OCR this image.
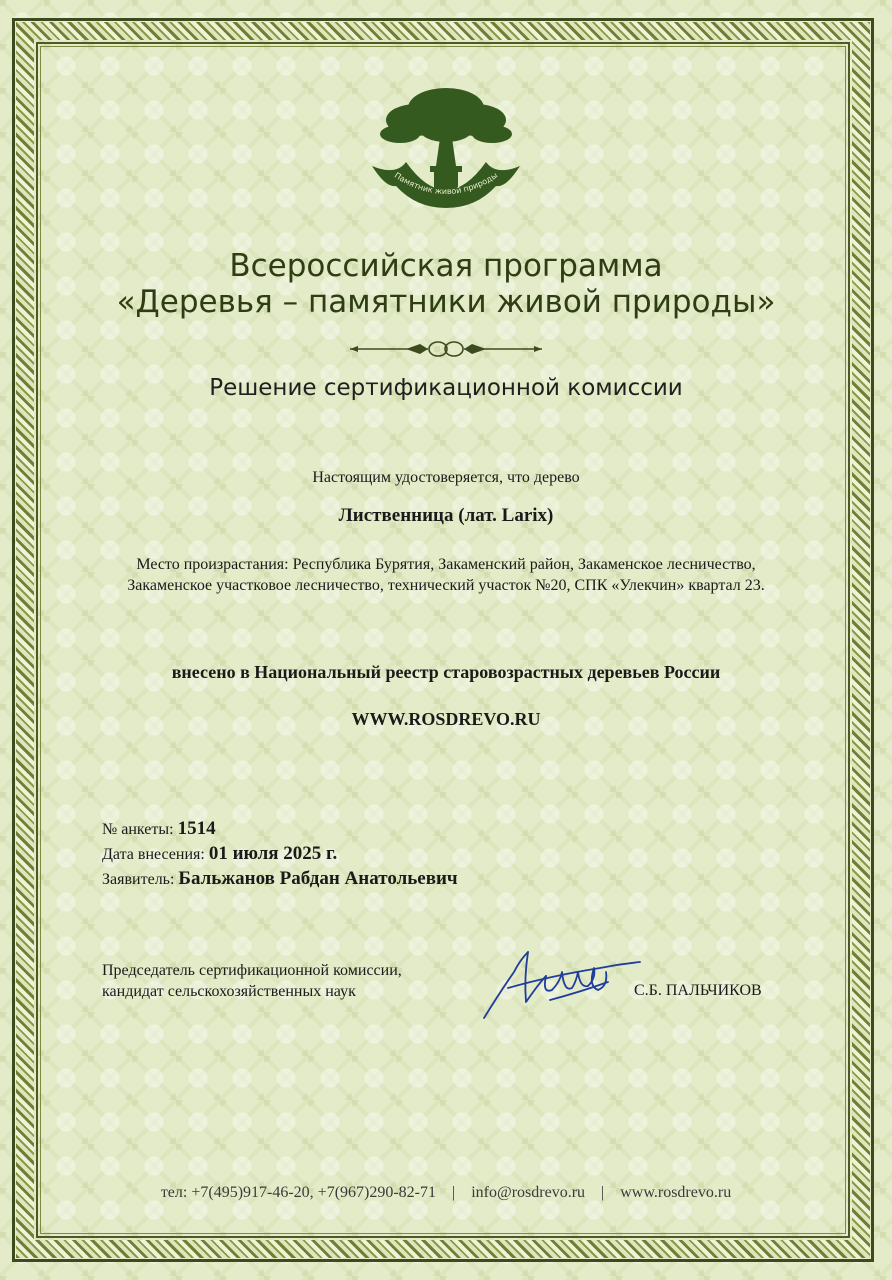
Памятник живой природы
Всероссийская программа
«Деревья – памятники живой природы»
Решение сертификационной комиссии
Настоящим удостоверяется, что дерево
Лиственница (лат. Larix)
Место произрастания: Республика Бурятия, Закаменский район, Закаменское лесничество, Закаменское участковое лесничество, технический участок №20, СПК «Улекчин» квартал 23.
внесено в Национальный реестр старовозрастных деревьев России
WWW.ROSDREVO.RU
№ анкеты: 1514
Дата внесения: 01 июля 2025 г.
Заявитель: Бальжанов Рабдан Анатольевич
Председатель сертификационной комиссии,
кандидат сельскохозяйственных наук	С.Б. ПАЛЬЧИКОВ
тел: +7(495)917-46-20, +7(967)290-82-71 | info@rosdrevo.ru | www.rosdrevo.ru
